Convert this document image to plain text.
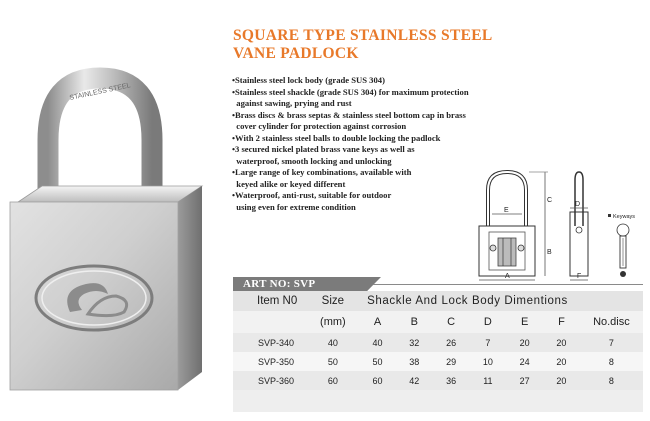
STAINLESS STEEL
SQUARE TYPE STAINLESS STEEL
VANE PADLOCK
•Stainless steel lock body (grade SUS 304)
•Stainless steel shackle (grade SUS 304) for maximum protection
against sawing, prying and rust
•Brass discs & brass septas & stainless steel bottom cap in brass
cover cylinder for protection against corrosion
•With 2 stainless steel balls to double locking the padlock
•3 secured nickel plated brass vane keys as well as
waterproof, smooth locking and unlocking
•Large range of key combinations, available with
keyed alike or keyed different
•Waterproof, anti-rust, suitable for outdoor
using even for extreme condition	E
C
B
A
D
F
Keyways
ART NO: SVP
Item N0	Size	Shackle And Lock Body Dimentions						
	(mm)	A	B	C	D	E	F	No.disc
SVP-340	40	40	32	26	7	20	20	7
SVP-350	50	50	38	29	10	24	20	8
SVP-360	60	60	42	36	11	27	20	8
